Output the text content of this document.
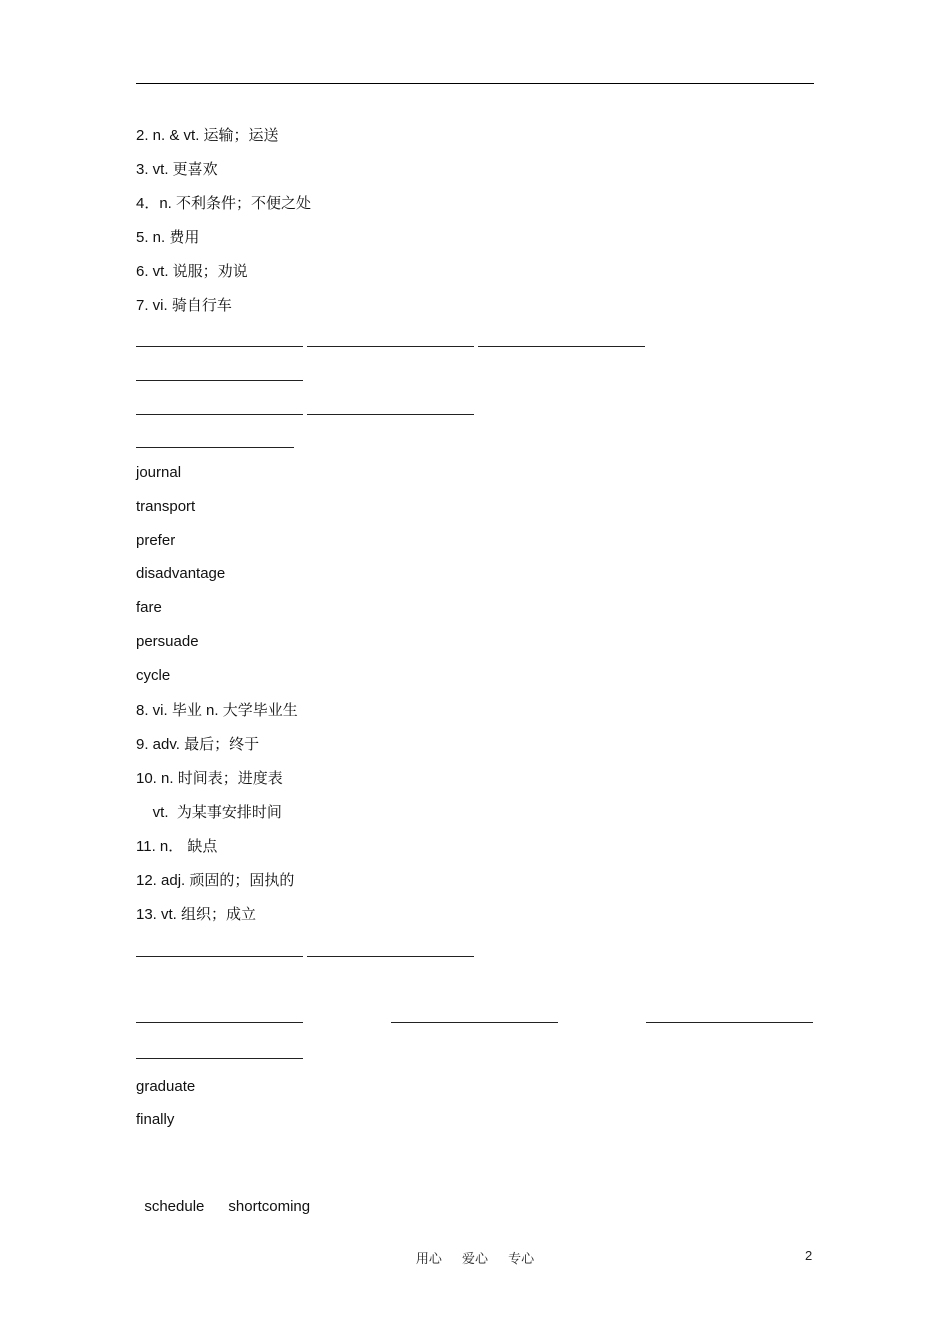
2. n. & vt. 运输；运送
3. vt. 更喜欢
4．n. 不利条件；不便之处
5. n. 费用
6. vt. 说服；劝说
7. vi. 骑自行车
journal
transport
prefer
disadvantage
fare
persuade
cycle
8. vi. 毕业 n. 大学毕业生
9. adv. 最后；终于
10. n. 时间表；进度表
vt.  为某事安排时间
11. n． 缺点
12. adj. 顽固的；固执的
13. vt. 组织；成立
graduate
finally

schedule shortcoming

用心 爱心 专心	2
